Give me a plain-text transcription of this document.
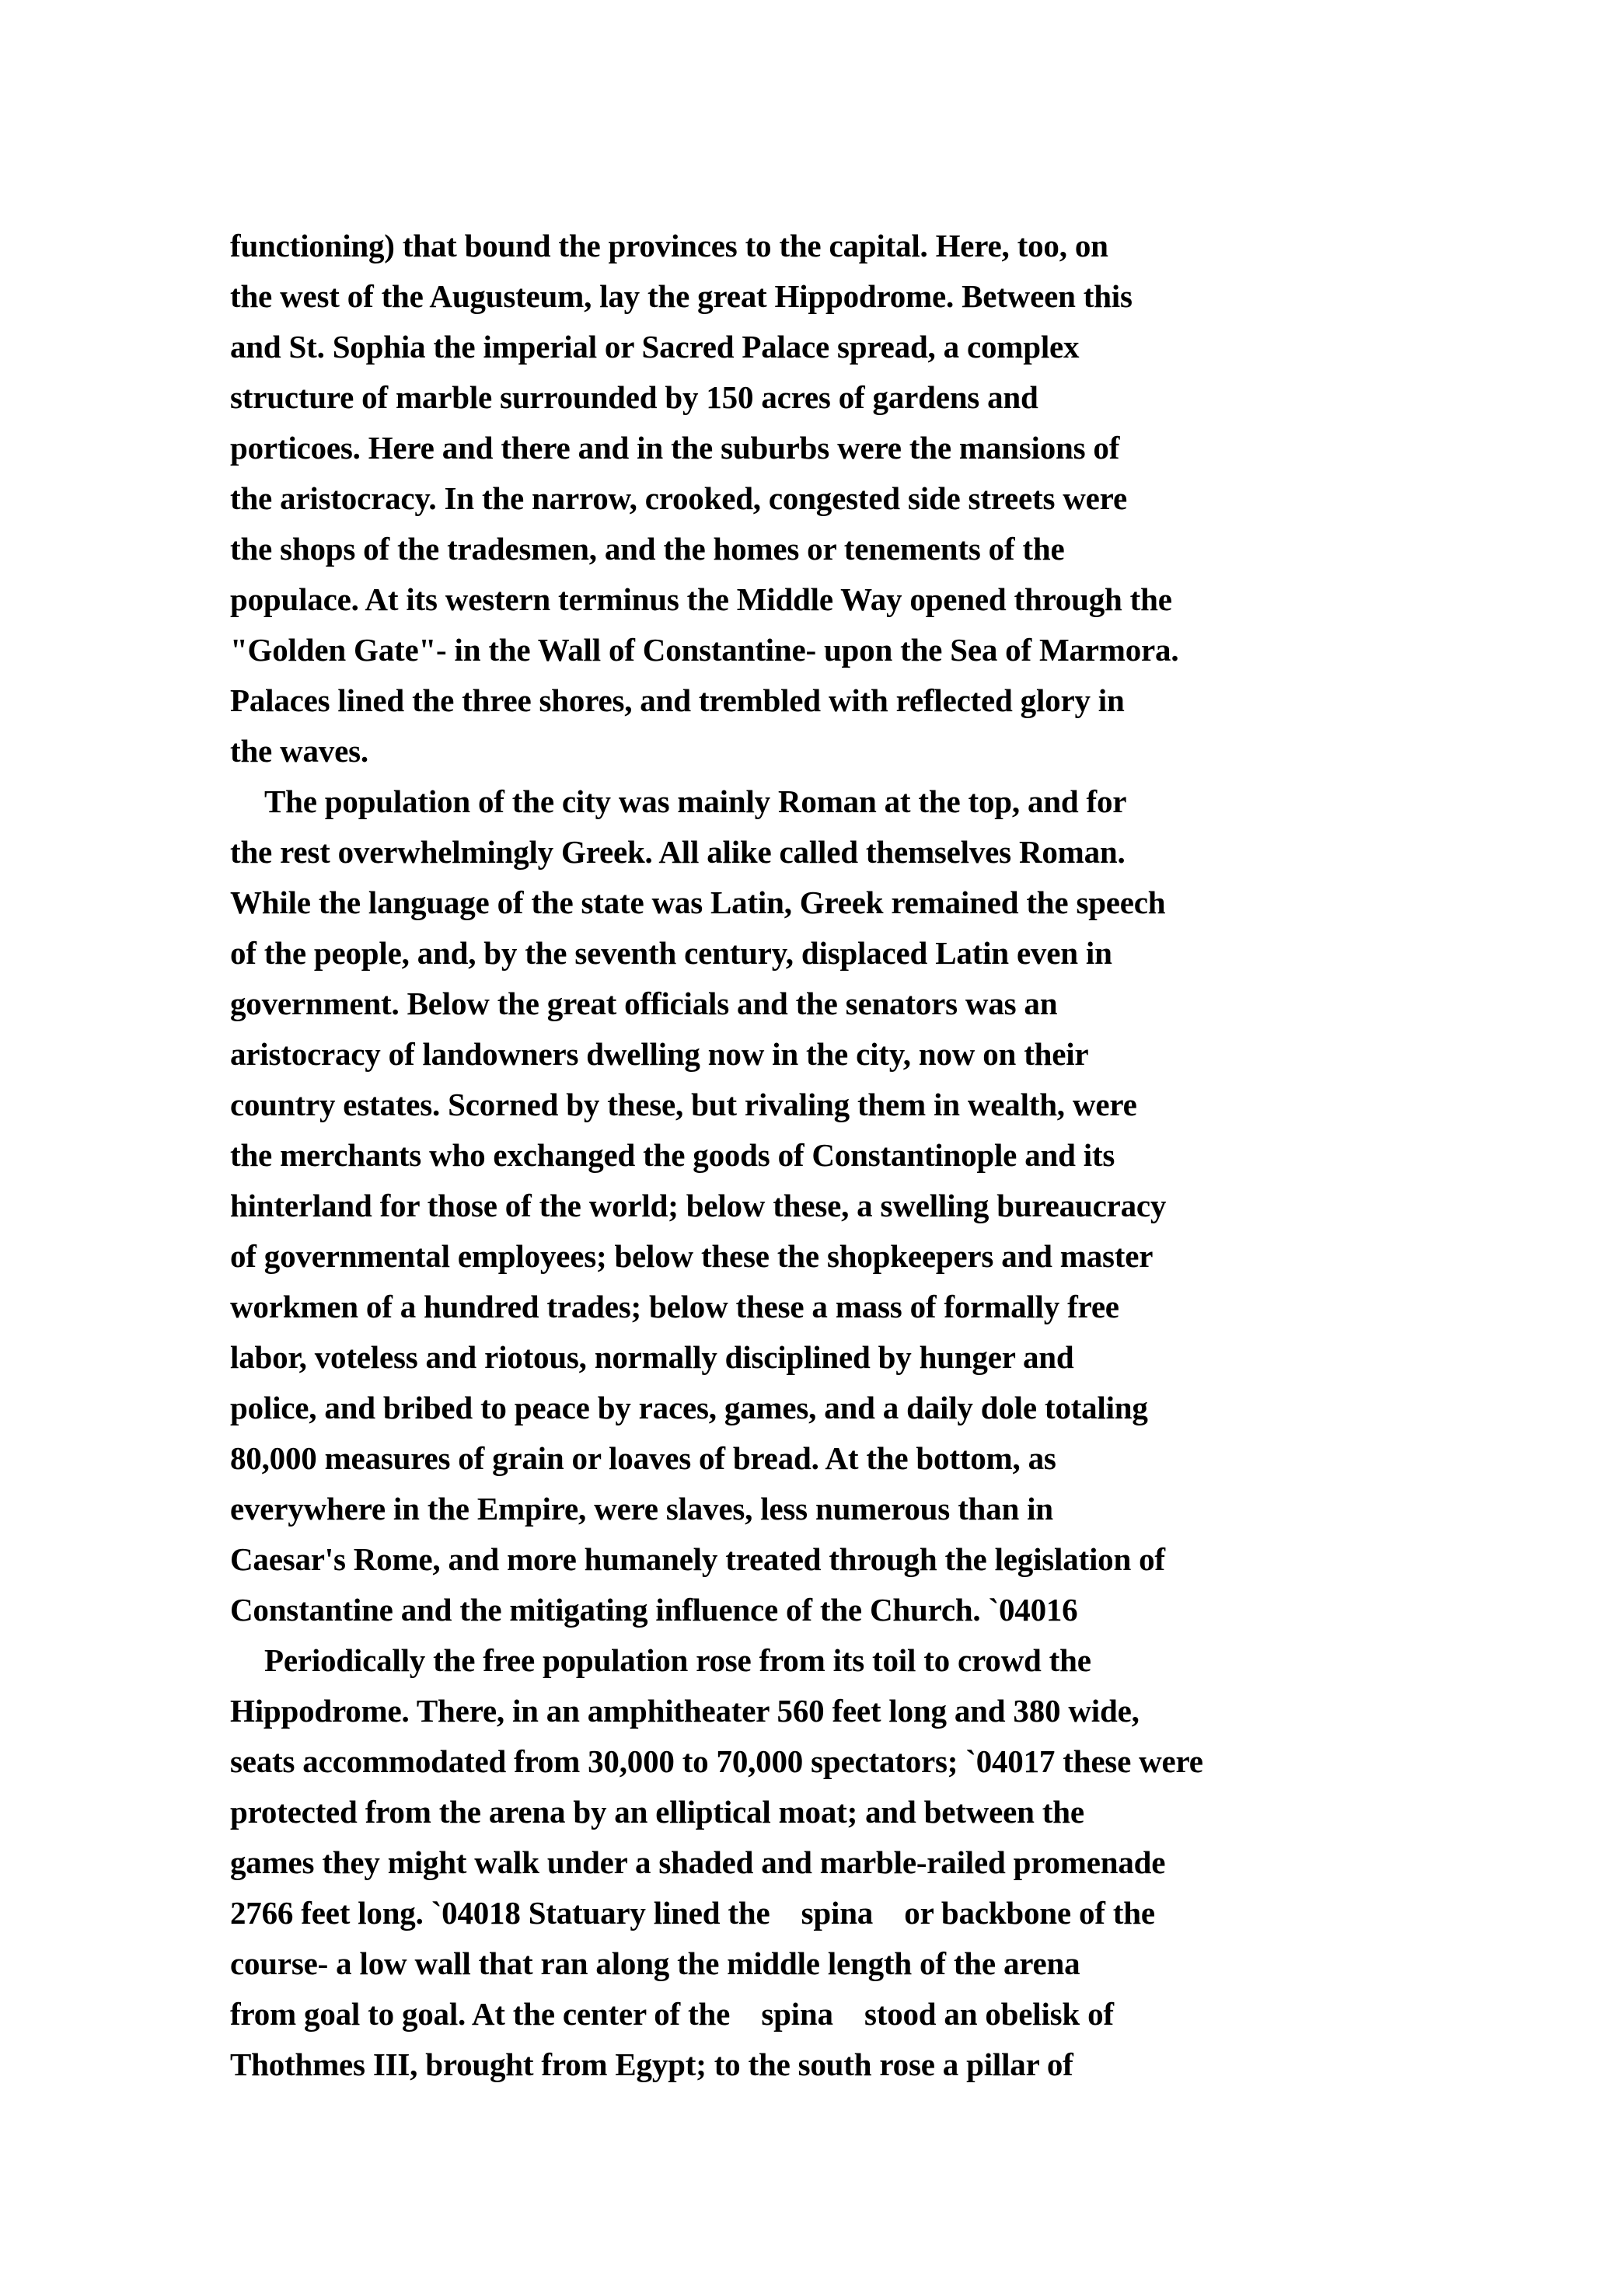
functioning) that bound the provinces to the capital. Here, too, on
the west of the Augusteum, lay the great Hippodrome. Between this
and St. Sophia the imperial or Sacred Palace spread, a complex
structure of marble surrounded by 150 acres of gardens and
porticoes. Here and there and in the suburbs were the mansions of
the aristocracy. In the narrow, crooked, congested side streets were
the shops of the tradesmen, and the homes or tenements of the
populace. At its western terminus the Middle Way opened through the
"Golden Gate"- in the Wall of Constantine- upon the Sea of Marmora.
Palaces lined the three shores, and trembled with reflected glory in
the waves.
The population of the city was mainly Roman at the top, and for
the rest overwhelmingly Greek. All alike called themselves Roman.
While the language of the state was Latin, Greek remained the speech
of the people, and, by the seventh century, displaced Latin even in
government. Below the great officials and the senators was an
aristocracy of landowners dwelling now in the city, now on their
country estates. Scorned by these, but rivaling them in wealth, were
the merchants who exchanged the goods of Constantinople and its
hinterland for those of the world; below these, a swelling bureaucracy
of governmental employees; below these the shopkeepers and master
workmen of a hundred trades; below these a mass of formally free
labor, voteless and riotous, normally disciplined by hunger and
police, and bribed to peace by races, games, and a daily dole totaling
80,000 measures of grain or loaves of bread. At the bottom, as
everywhere in the Empire, were slaves, less numerous than in
Caesar's Rome, and more humanely treated through the legislation of
Constantine and the mitigating influence of the Church. `04016
Periodically the free population rose from its toil to crowd the
Hippodrome. There, in an amphitheater 560 feet long and 380 wide,
seats accommodated from 30,000 to 70,000 spectators; `04017 these were
protected from the arena by an elliptical moat; and between the
games they might walk under a shaded and marble-railed promenade
2766 feet long. `04018 Statuary lined the    spina    or backbone of the
course- a low wall that ran along the middle length of the arena
from goal to goal. At the center of the    spina    stood an obelisk of
Thothmes III, brought from Egypt; to the south rose a pillar of
